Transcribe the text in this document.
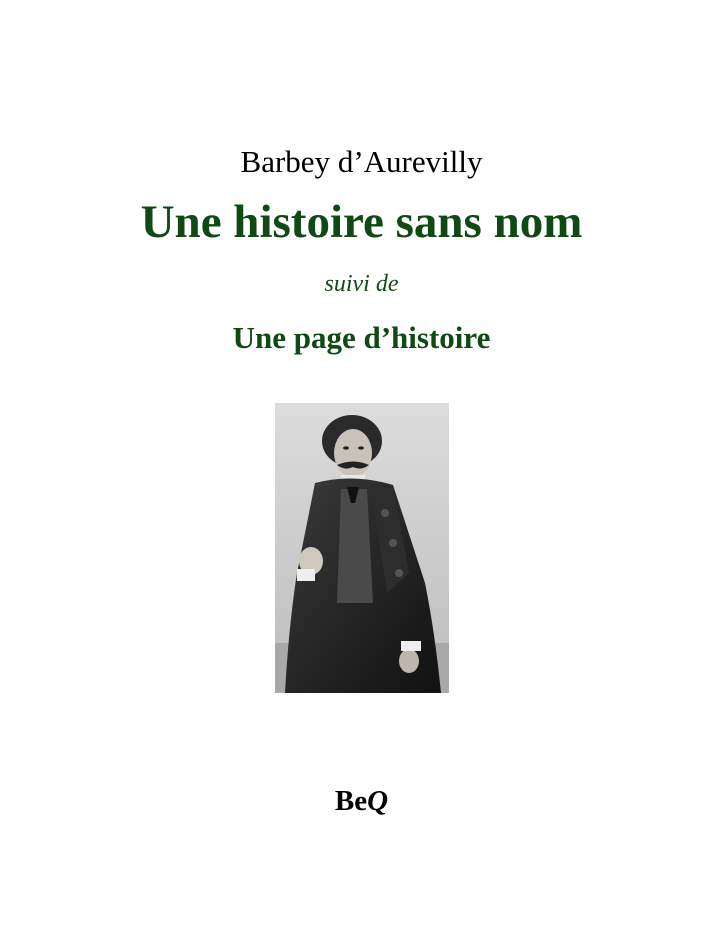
Barbey d’Aurevilly
Une histoire sans nom
suivi de
Une page d’histoire
BeQ
